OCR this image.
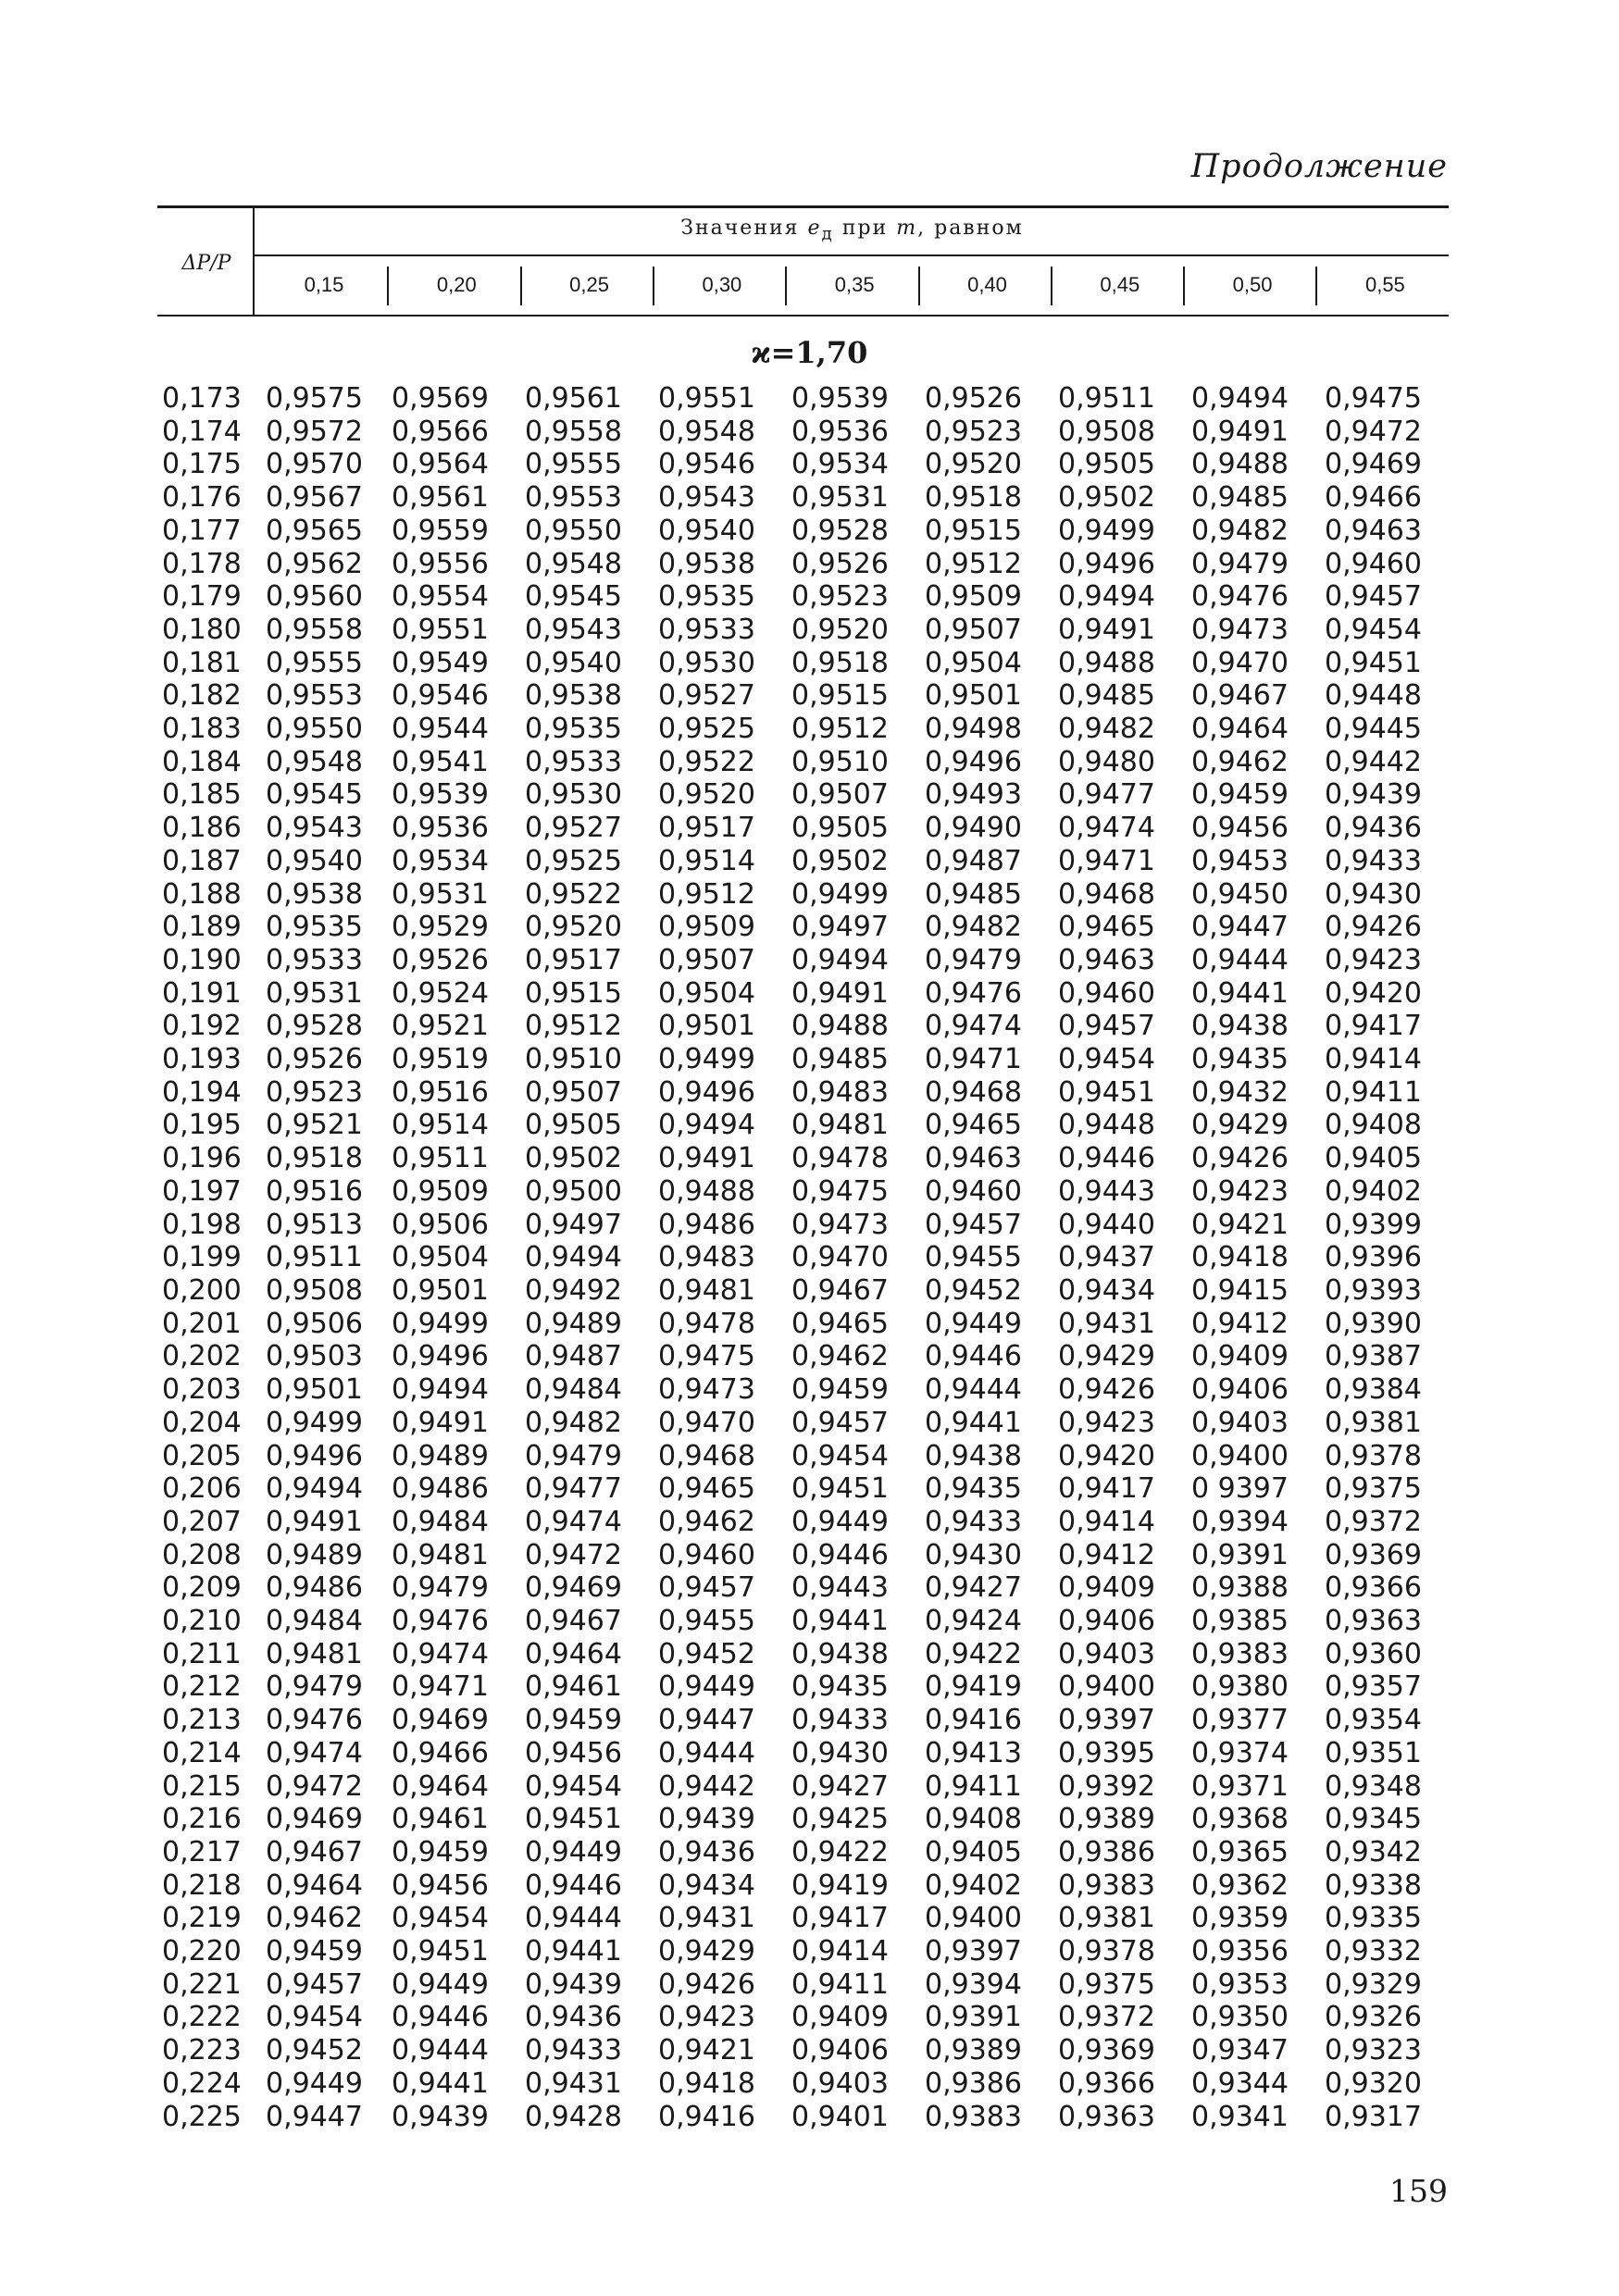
Продолжение
ΔP/P
Значения $e_д$ при m, равном
0,15	0,20	0,25	0,30	0,35	0,40	0,45	0,50	0,55
ϰ=1,70
0,173	0,9575	0,9569	0,9561	0,9551	0,9539	0,9526	0,9511	0,9494	0,9475
0,174	0,9572	0,9566	0,9558	0,9548	0,9536	0,9523	0,9508	0,9491	0,9472
0,175	0,9570	0,9564	0,9555	0,9546	0,9534	0,9520	0,9505	0,9488	0,9469
0,176	0,9567	0,9561	0,9553	0,9543	0,9531	0,9518	0,9502	0,9485	0,9466
0,177	0,9565	0,9559	0,9550	0,9540	0,9528	0,9515	0,9499	0,9482	0,9463
0,178	0,9562	0,9556	0,9548	0,9538	0,9526	0,9512	0,9496	0,9479	0,9460
0,179	0,9560	0,9554	0,9545	0,9535	0,9523	0,9509	0,9494	0,9476	0,9457
0,180	0,9558	0,9551	0,9543	0,9533	0,9520	0,9507	0,9491	0,9473	0,9454
0,181	0,9555	0,9549	0,9540	0,9530	0,9518	0,9504	0,9488	0,9470	0,9451
0,182	0,9553	0,9546	0,9538	0,9527	0,9515	0,9501	0,9485	0,9467	0,9448
0,183	0,9550	0,9544	0,9535	0,9525	0,9512	0,9498	0,9482	0,9464	0,9445
0,184	0,9548	0,9541	0,9533	0,9522	0,9510	0,9496	0,9480	0,9462	0,9442
0,185	0,9545	0,9539	0,9530	0,9520	0,9507	0,9493	0,9477	0,9459	0,9439
0,186	0,9543	0,9536	0,9527	0,9517	0,9505	0,9490	0,9474	0,9456	0,9436
0,187	0,9540	0,9534	0,9525	0,9514	0,9502	0,9487	0,9471	0,9453	0,9433
0,188	0,9538	0,9531	0,9522	0,9512	0,9499	0,9485	0,9468	0,9450	0,9430
0,189	0,9535	0,9529	0,9520	0,9509	0,9497	0,9482	0,9465	0,9447	0,9426
0,190	0,9533	0,9526	0,9517	0,9507	0,9494	0,9479	0,9463	0,9444	0,9423
0,191	0,9531	0,9524	0,9515	0,9504	0,9491	0,9476	0,9460	0,9441	0,9420
0,192	0,9528	0,9521	0,9512	0,9501	0,9488	0,9474	0,9457	0,9438	0,9417
0,193	0,9526	0,9519	0,9510	0,9499	0,9485	0,9471	0,9454	0,9435	0,9414
0,194	0,9523	0,9516	0,9507	0,9496	0,9483	0,9468	0,9451	0,9432	0,9411
0,195	0,9521	0,9514	0,9505	0,9494	0,9481	0,9465	0,9448	0,9429	0,9408
0,196	0,9518	0,9511	0,9502	0,9491	0,9478	0,9463	0,9446	0,9426	0,9405
0,197	0,9516	0,9509	0,9500	0,9488	0,9475	0,9460	0,9443	0,9423	0,9402
0,198	0,9513	0,9506	0,9497	0,9486	0,9473	0,9457	0,9440	0,9421	0,9399
0,199	0,9511	0,9504	0,9494	0,9483	0,9470	0,9455	0,9437	0,9418	0,9396
0,200	0,9508	0,9501	0,9492	0,9481	0,9467	0,9452	0,9434	0,9415	0,9393
0,201	0,9506	0,9499	0,9489	0,9478	0,9465	0,9449	0,9431	0,9412	0,9390
0,202	0,9503	0,9496	0,9487	0,9475	0,9462	0,9446	0,9429	0,9409	0,9387
0,203	0,9501	0,9494	0,9484	0,9473	0,9459	0,9444	0,9426	0,9406	0,9384
0,204	0,9499	0,9491	0,9482	0,9470	0,9457	0,9441	0,9423	0,9403	0,9381
0,205	0,9496	0,9489	0,9479	0,9468	0,9454	0,9438	0,9420	0,9400	0,9378
0,206	0,9494	0,9486	0,9477	0,9465	0,9451	0,9435	0,9417	0 9397	0,9375
0,207	0,9491	0,9484	0,9474	0,9462	0,9449	0,9433	0,9414	0,9394	0,9372
0,208	0,9489	0,9481	0,9472	0,9460	0,9446	0,9430	0,9412	0,9391	0,9369
0,209	0,9486	0,9479	0,9469	0,9457	0,9443	0,9427	0,9409	0,9388	0,9366
0,210	0,9484	0,9476	0,9467	0,9455	0,9441	0,9424	0,9406	0,9385	0,9363
0,211	0,9481	0,9474	0,9464	0,9452	0,9438	0,9422	0,9403	0,9383	0,9360
0,212	0,9479	0,9471	0,9461	0,9449	0,9435	0,9419	0,9400	0,9380	0,9357
0,213	0,9476	0,9469	0,9459	0,9447	0,9433	0,9416	0,9397	0,9377	0,9354
0,214	0,9474	0,9466	0,9456	0,9444	0,9430	0,9413	0,9395	0,9374	0,9351
0,215	0,9472	0,9464	0,9454	0,9442	0,9427	0,9411	0,9392	0,9371	0,9348
0,216	0,9469	0,9461	0,9451	0,9439	0,9425	0,9408	0,9389	0,9368	0,9345
0,217	0,9467	0,9459	0,9449	0,9436	0,9422	0,9405	0,9386	0,9365	0,9342
0,218	0,9464	0,9456	0,9446	0,9434	0,9419	0,9402	0,9383	0,9362	0,9338
0,219	0,9462	0,9454	0,9444	0,9431	0,9417	0,9400	0,9381	0,9359	0,9335
0,220	0,9459	0,9451	0,9441	0,9429	0,9414	0,9397	0,9378	0,9356	0,9332
0,221	0,9457	0,9449	0,9439	0,9426	0,9411	0,9394	0,9375	0,9353	0,9329
0,222	0,9454	0,9446	0,9436	0,9423	0,9409	0,9391	0,9372	0,9350	0,9326
0,223	0,9452	0,9444	0,9433	0,9421	0,9406	0,9389	0,9369	0,9347	0,9323
0,224	0,9449	0,9441	0,9431	0,9418	0,9403	0,9386	0,9366	0,9344	0,9320
0,225	0,9447	0,9439	0,9428	0,9416	0,9401	0,9383	0,9363	0,9341	0,9317
159
